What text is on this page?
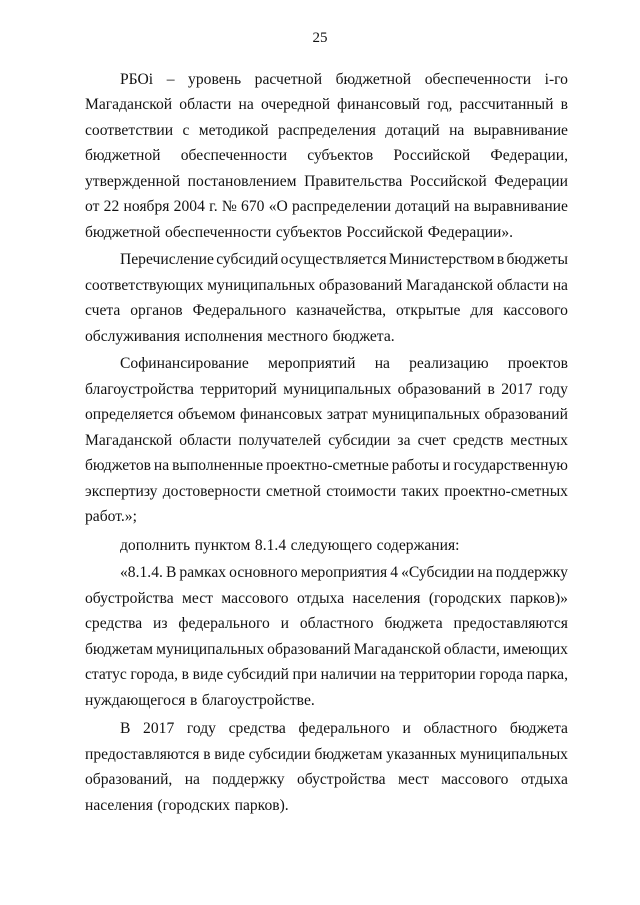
25
РБОi – уровень расчетной бюджетной обеспеченности i-го
Магаданской области на очередной финансовый год, рассчитанный в
соответствии с методикой распределения дотаций на выравнивание
бюджетной обеспеченности субъектов Российской Федерации,
утвержденной постановлением Правительства Российской Федерации
от 22 ноября 2004 г. № 670 «О распределении дотаций на выравнивание
бюджетной обеспеченности субъектов Российской Федерации».
Перечисление субсидий осуществляется Министерством в бюджеты
соответствующих муниципальных образований Магаданской области на
счета органов Федерального казначейства, открытые для кассового
обслуживания исполнения местного бюджета.
Софинансирование мероприятий на реализацию проектов
благоустройства территорий муниципальных образований в 2017 году
определяется объемом финансовых затрат муниципальных образований
Магаданской области получателей субсидии за счет средств местных
бюджетов на выполненные проектно-сметные работы и государственную
экспертизу достоверности сметной стоимости таких проектно-сметных
работ.»;
дополнить пунктом 8.1.4 следующего содержания:
«8.1.4. В рамках основного мероприятия 4 «Субсидии на поддержку
обустройства мест массового отдыха населения (городских парков)»
средства из федерального и областного бюджета предоставляются
бюджетам муниципальных образований Магаданской области, имеющих
статус города, в виде субсидий при наличии на территории города парка,
нуждающегося в благоустройстве.
В 2017 году средства федерального и областного бюджета
предоставляются в виде субсидии бюджетам указанных муниципальных
образований, на поддержку обустройства мест массового отдыха
населения (городских парков).
